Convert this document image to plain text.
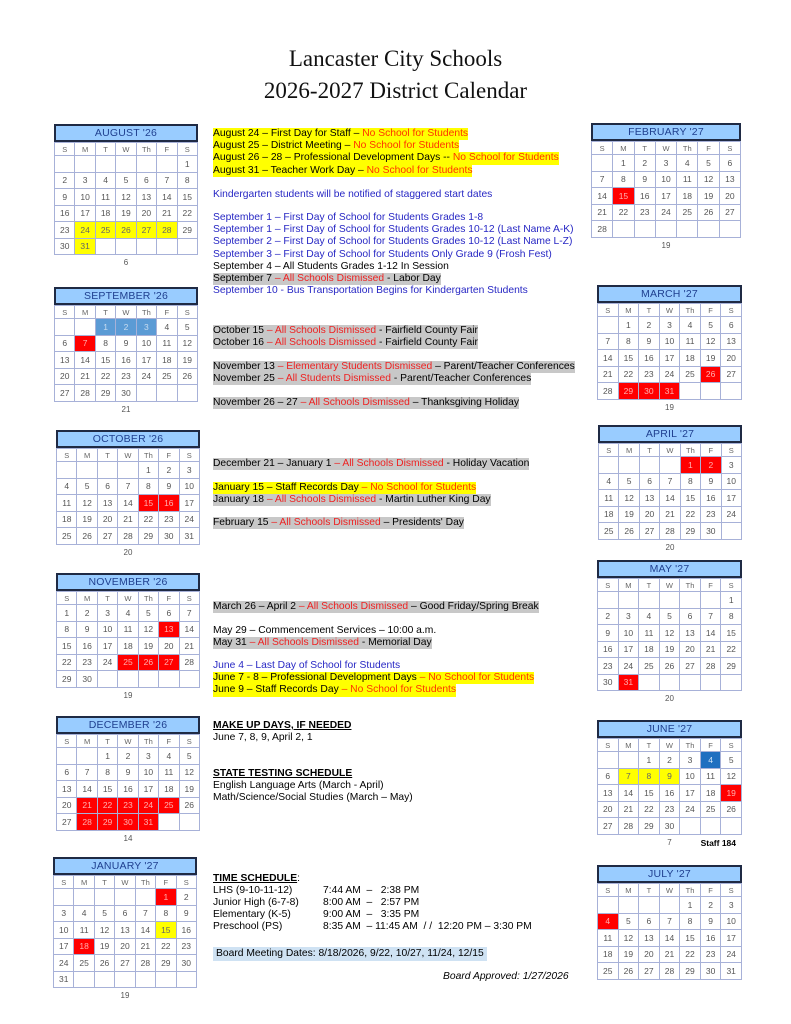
Lancaster City Schools
2026-2027 District Calendar
AUGUST '26
S	M	T	W	Th	F	S
						1
2	3	4	5	6	7	8
9	10	11	12	13	14	15
16	17	18	19	20	21	22
23	24	25	26	27	28	29
30	31					
6
SEPTEMBER '26
S	M	T	W	Th	F	S
		1	2	3	4	5
6	7	8	9	10	11	12
13	14	15	16	17	18	19
20	21	22	23	24	25	26
27	28	29	30			
21
OCTOBER '26
S	M	T	W	Th	F	S
				1	2	3
4	5	6	7	8	9	10
11	12	13	14	15	16	17
18	19	20	21	22	23	24
25	26	27	28	29	30	31
20
NOVEMBER '26
S	M	T	W	Th	F	S
1	2	3	4	5	6	7
8	9	10	11	12	13	14
15	16	17	18	19	20	21
22	23	24	25	26	27	28
29	30					
19
DECEMBER '26
S	M	T	W	Th	F	S
		1	2	3	4	5
6	7	8	9	10	11	12
13	14	15	16	17	18	19
20	21	22	23	24	25	26
27	28	29	30	31		
14
JANUARY '27
S	M	T	W	Th	F	S
					1	2
3	4	5	6	7	8	9
10	11	12	13	14	15	16
17	18	19	20	21	22	23
24	25	26	27	28	29	30
31						
19
FEBRUARY '27
S	M	T	W	Th	F	S
	1	2	3	4	5	6
7	8	9	10	11	12	13
14	15	16	17	18	19	20
21	22	23	24	25	26	27
28						
19
MARCH '27
S	M	T	W	Th	F	S
	1	2	3	4	5	6
7	8	9	10	11	12	13
14	15	16	17	18	19	20
21	22	23	24	25	26	27
28	29	30	31			
19
APRIL '27
S	M	T	W	Th	F	S
				1	2	3
4	5	6	7	8	9	10
11	12	13	14	15	16	17
18	19	20	21	22	23	24
25	26	27	28	29	30	
20
MAY '27
S	M	T	W	Th	F	S
						1
2	3	4	5	6	7	8
9	10	11	12	13	14	15
16	17	18	19	20	21	22
23	24	25	26	27	28	29
30	31					
20
JUNE '27
S	M	T	W	Th	F	S
		1	2	3	4	5
6	7	8	9	10	11	12
13	14	15	16	17	18	19
20	21	22	23	24	25	26
27	28	29	30			
7	Staff 184
JULY '27
S	M	T	W	Th	F	S
				1	2	3
4	5	6	7	8	9	10
11	12	13	14	15	16	17
18	19	20	21	22	23	24
25	26	27	28	29	30	31
August 24 – First Day for Staff – No School for Students
August 25 – District Meeting – No School for Students
August 26 – 28 – Professional Development Days -- No School for Students
August 31 – Teacher Work Day – No School for Students
Kindergarten students will be notified of staggered start dates
September 1 – First Day of School for Students Grades 1-8
September 1 – First Day of School for Students Grades 10-12 (Last Name A-K)
September 2 – First Day of School for Students Grades 10-12 (Last Name L-Z)
September 3 – First Day of School for Students Only Grade 9 (Frosh Fest)
September 4 – All Students Grades 1-12 In Session
September 7 – All Schools Dismissed - Labor Day
September 10 - Bus Transportation Begins for Kindergarten Students
October 15 – All Schools Dismissed - Fairfield County Fair
October 16 – All Schools Dismissed - Fairfield County Fair
November 13 – Elementary Students Dismissed – Parent/Teacher Conferences
November 25 – All Students Dismissed - Parent/Teacher Conferences
November 26 – 27 – All Schools Dismissed – Thanksgiving Holiday
December 21 – January 1 – All Schools Dismissed - Holiday Vacation
January 15 – Staff Records Day – No School for Students
January 18 – All Schools Dismissed - Martin Luther King Day
February 15 – All Schools Dismissed – Presidents' Day
March 26 – April 2 – All Schools Dismissed – Good Friday/Spring Break
May 29 – Commencement Services – 10:00 a.m.
May 31 – All Schools Dismissed - Memorial Day
June 4 – Last Day of School for Students
June 7 - 8 – Professional Development Days – No School for Students
June 9 – Staff Records Day – No School for Students
MAKE UP DAYS, IF NEEDED
June 7, 8, 9, April 2, 1
STATE TESTING SCHEDULE
English Language Arts (March - April)
Math/Science/Social Studies (March – May)
TIME SCHEDULE:
LHS (9-10-11-12)	7:44 AM  –   2:38 PM
Junior High (6-7-8)	8:00 AM  –   2:57 PM
Elementary (K-5)	9:00 AM  –   3:35 PM
Preschool (PS)	8:35 AM  – 11:45 AM  / /  12:20 PM – 3:30 PM
Board Meeting Dates: 8/18/2026, 9/22, 10/27, 11/24, 12/15
Board Approved: 1/27/2026
